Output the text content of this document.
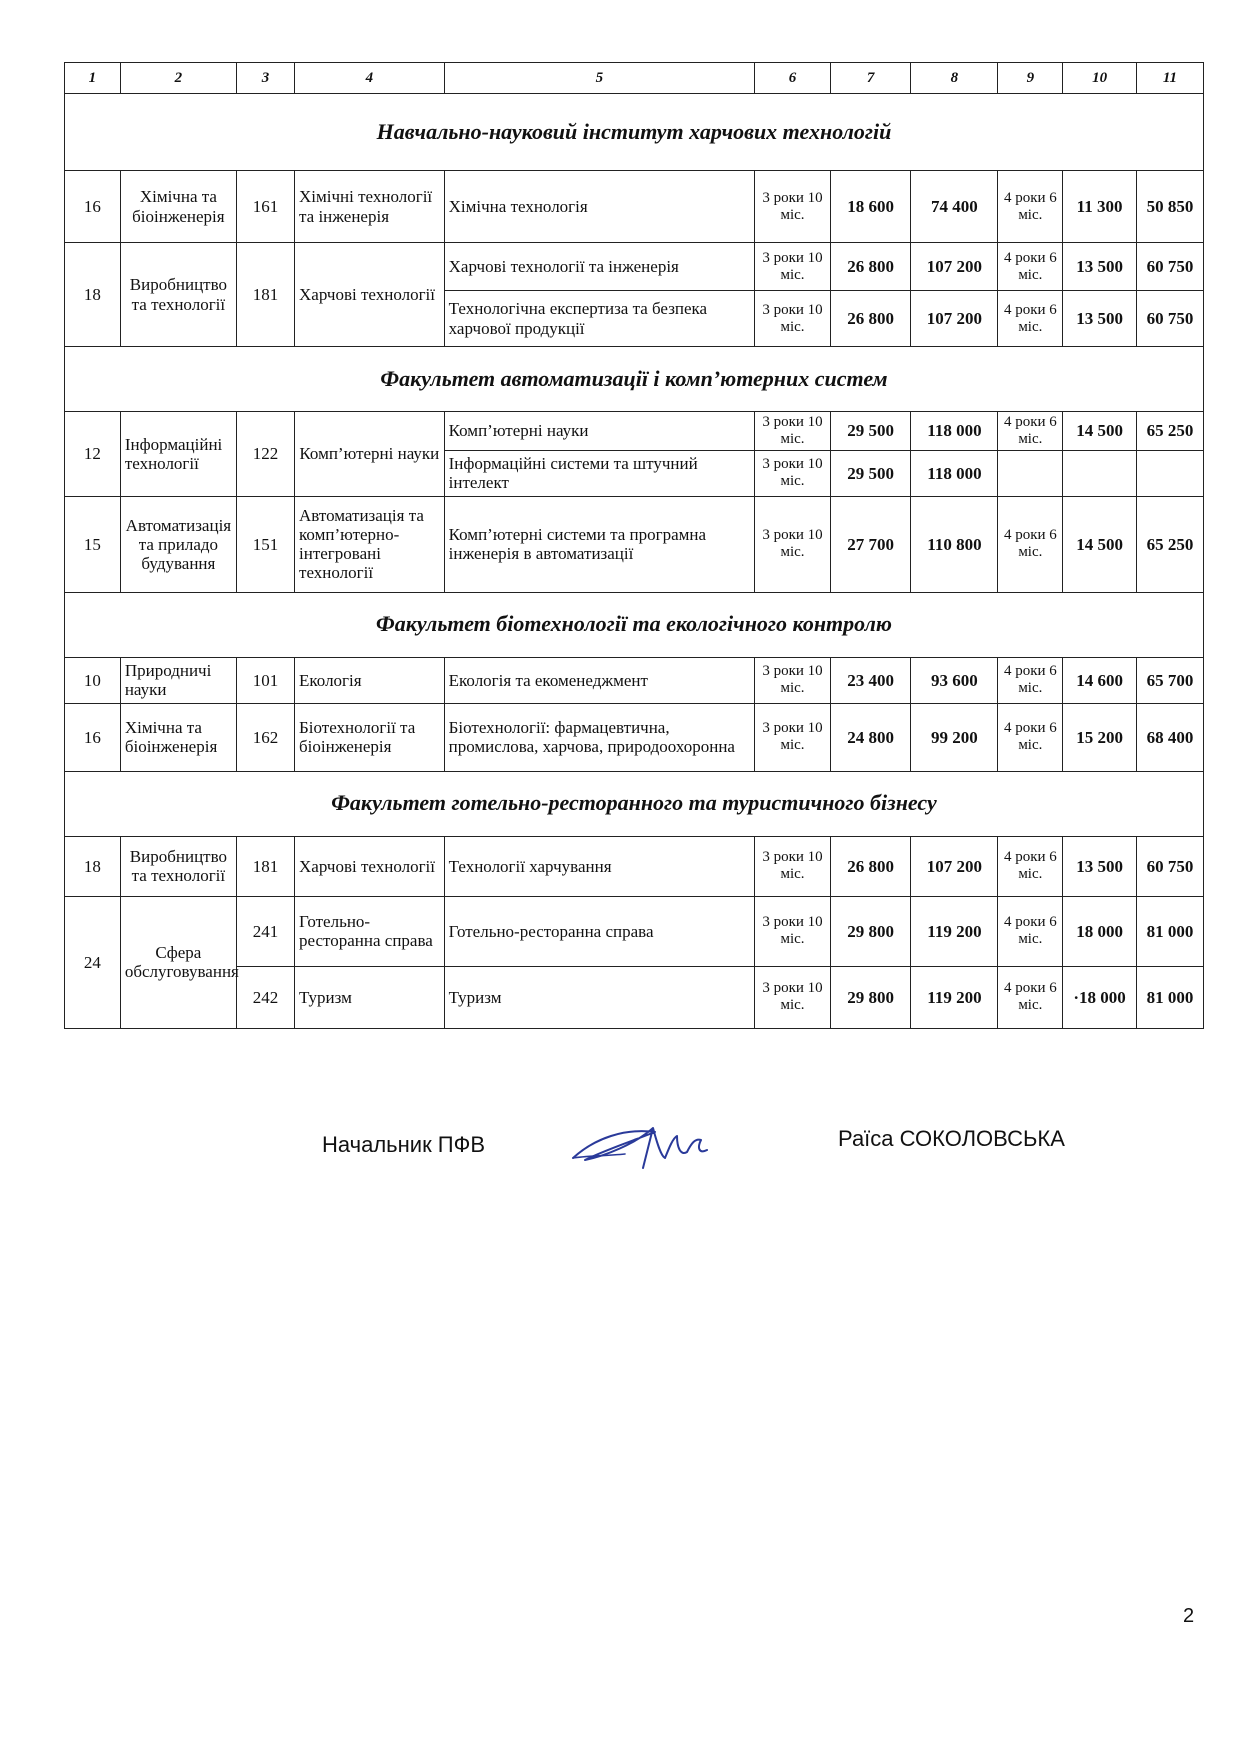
1	2	3	4	5	6	7	8	9	10	11
Навчально-науковий інститут харчових технологій										
16	Хімічна та біоінженерія	161	Хімічні технології та інженерія	Хімічна технологія	3 роки 10 міс.	18 600	74 400	4 роки 6 міс.	11 300	50 850
18	Виробництво та технології	181	Харчові технології	Харчові технології та інженерія	3 роки 10 міс.	26 800	107 200	4 роки 6 міс.	13 500	60 750
				Технологічна експертиза та безпека харчової продукції	3 роки 10 міс.	26 800	107 200	4 роки 6 міс.	13 500	60 750
Факультет автоматизації і комп’ютерних систем										
12	Інформаційні технології	122	Комп’ютерні науки	Комп’ютерні науки	3 роки 10 міс.	29 500	118 000	4 роки 6 міс.	14 500	65 250
				Інформаційні системи та штучний інтелект	3 роки 10 міс.	29 500	118 000			
15	Автоматизація та приладо будування	151	Автоматизація та комп’ютерно-інтегровані технології	Комп’ютерні системи та програмна інженерія в автоматизації	3 роки 10 міс.	27 700	110 800	4 роки 6 міс.	14 500	65 250
Факультет біотехнології та екологічного контролю										
10	Природничі науки	101	Екологія	Екологія та екоменеджмент	3 роки 10 міс.	23 400	93 600	4 роки 6 міс.	14 600	65 700
16	Хімічна та біоінженерія	162	Біотехнології та біоінженерія	Біотехнології: фармацевтична, промислова, харчова, природоохоронна	3 роки 10 міс.	24 800	99 200	4 роки 6 міс.	15 200	68 400
Факультет готельно-ресторанного та туристичного бізнесу										
18	Виробництво та технології	181	Харчові технології	Технології харчування	3 роки 10 міс.	26 800	107 200	4 роки 6 міс.	13 500	60 750
24	Сфера обслуговування	241	Готельно-ресторанна справа	Готельно-ресторанна справа	3 роки 10 міс.	29 800	119 200	4 роки 6 міс.	18 000	81 000
		242	Туризм	Туризм	3 роки 10 міс.	29 800	119 200	4 роки 6 міс.	·18 000	81 000
Начальник ПФВ	Раїса СОКОЛОВСЬКА
2
